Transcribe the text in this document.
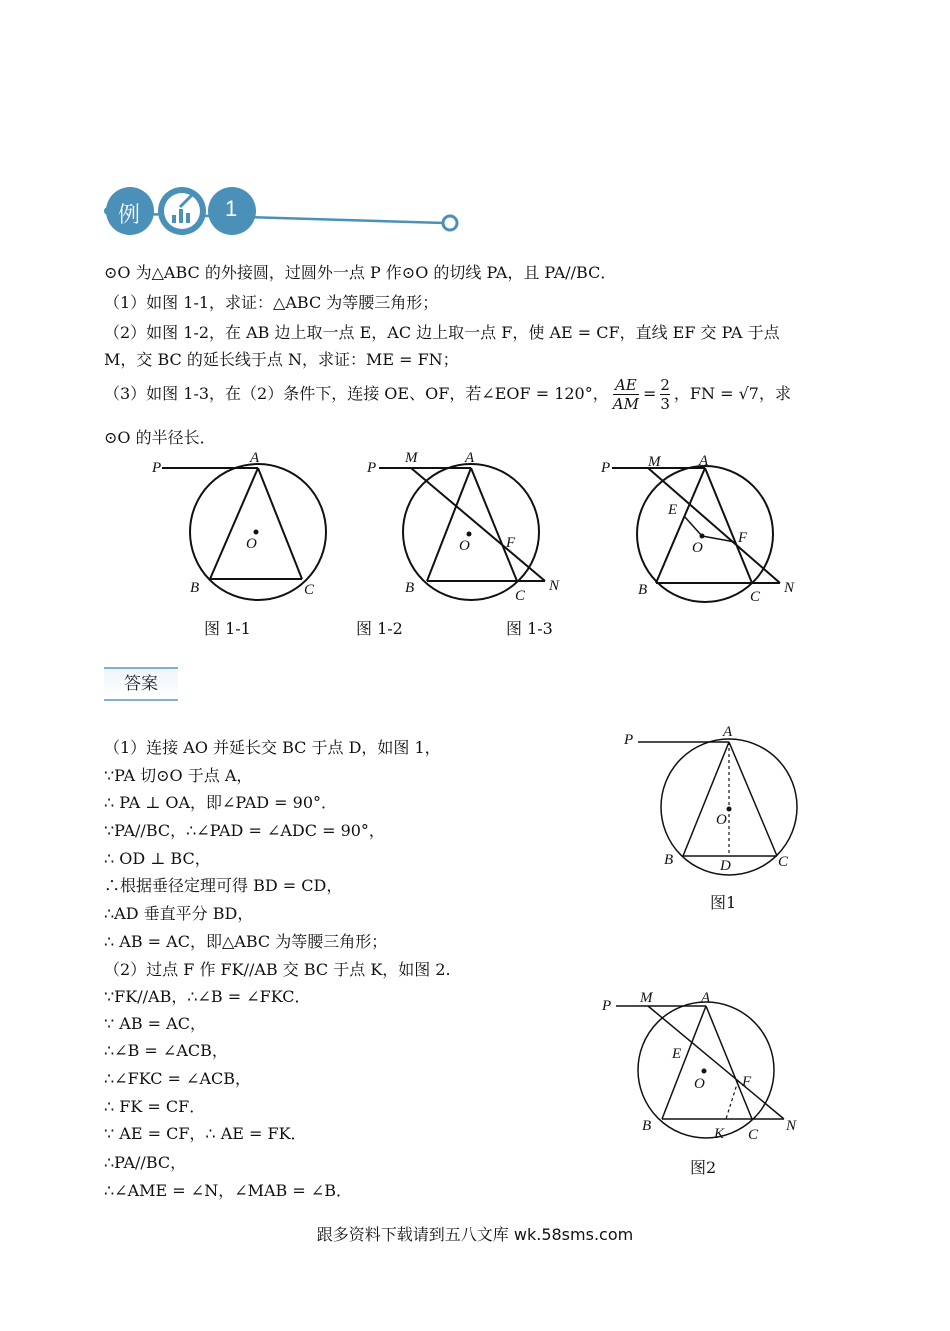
例	1
⊙O 为△ABC 的外接圆，过圆外一点 P 作⊙O 的切线 PA，且 PA//BC．
（1）如图 1-1，求证：△ABC 为等腰三角形；
（2）如图 1-2，在 AB 边上取一点 E，AC 边上取一点 F，使 AE = CF，直线 EF 交 PA 于点
M，交 BC 的延长线于点 N，求证：ME = FN；
（3）如图 1-3，在（2）条件下，连接 OE、OF，若∠EOF = 120°， $\frac{AE}{AM} = \frac{2}{3}$ ，FN = √7，求
⊙O 的半径长．
P
A
O
B	C
P
M	A
O F
B	C
N
P	M	A
E
O
F
B	C
N
图 1-1	图 1-2	图 1-3
答案
（1）连接 AO 并延长交 BC 于点 D，如图 1，
∵PA 切⊙O 于点 A，
∴ PA ⊥ OA，即∠PAD = 90°．
∵PA//BC，∴∠PAD = ∠ADC = 90°，
∴ OD ⊥ BC，
∴根据垂径定理可得 BD = CD，
∴AD 垂直平分 BD，
∴ AB = AC，即△ABC 为等腰三角形；
（2）过点 F 作 FK//AB 交 BC 于点 K，如图 2.
∵FK//AB，∴∠B = ∠FKC．
∵ AB = AC，
∴∠B = ∠ACB，
∴∠FKC = ∠ACB，
∴ FK = CF．
∵ AE = CF，∴ AE = FK．
∴PA//BC，
∴∠AME = ∠N，∠MAB = ∠B．
P	A
O
B	D	C
图1
P M	A
E
O F
B	K C
N
图2
跟多资料下载请到五八文库 wk.58sms.com
